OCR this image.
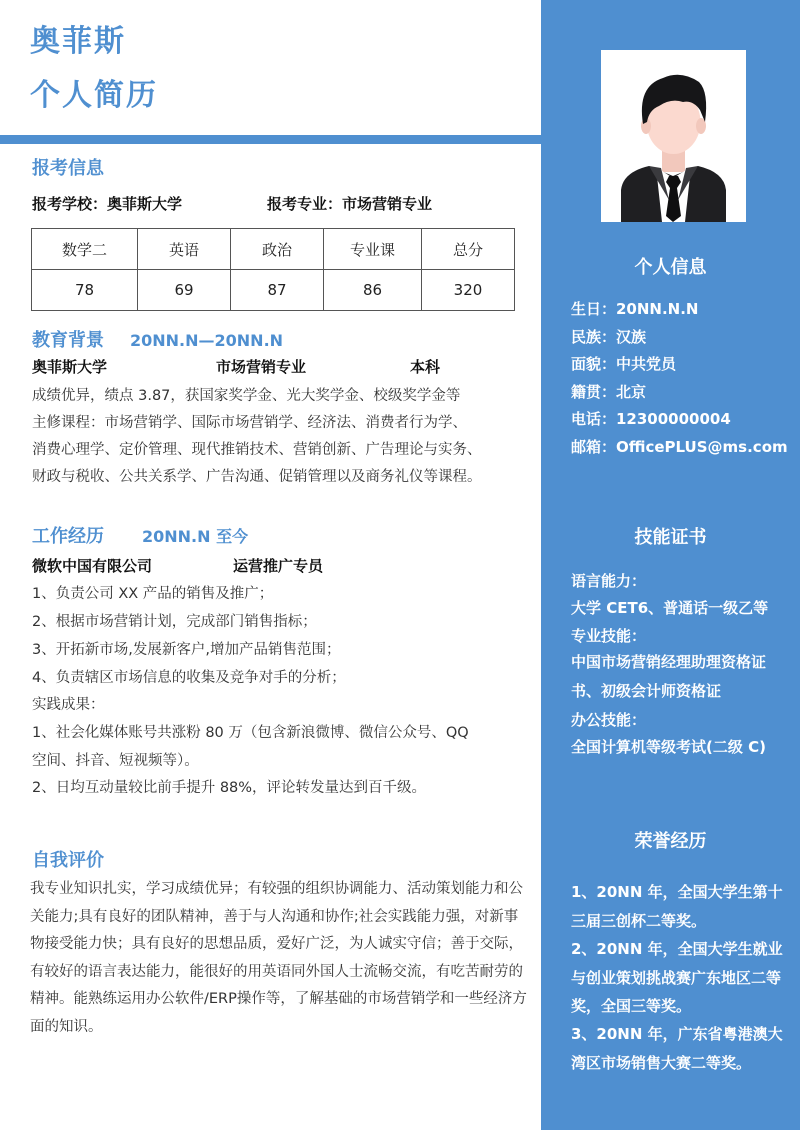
奥菲斯
个人简历
报考信息
报考学校：奥菲斯大学	报考专业：市场营销专业
数学二	英语	政治	专业课	总分
78	69	87	86	320
教育背景 20NN.N—20NN.N
奥菲斯大学	市场营销专业	本科
成绩优异，绩点 3.87，获国家奖学金、光大奖学金、校级奖学金等
主修课程：市场营销学、国际市场营销学、经济法、消费者行为学、
消费心理学、定价管理、现代推销技术、营销创新、广告理论与实务、
财政与税收、公共关系学、广告沟通、促销管理以及商务礼仪等课程。
工作经历 20NN.N 至今
微软中国有限公司	运营推广专员
1、负责公司 XX 产品的销售及推广；
2、根据市场营销计划，完成部门销售指标；
3、开拓新市场,发展新客户,增加产品销售范围；
4、负责辖区市场信息的收集及竞争对手的分析；
实践成果：
1、社会化媒体账号共涨粉 80 万（包含新浪微博、微信公众号、QQ
空间、抖音、短视频等）。
2、日均互动量较比前手提升 88%，评论转发量达到百千级。
自我评价
我专业知识扎实，学习成绩优异；有较强的组织协调能力、活动策划能力和公关能力;具有良好的团队精神，善于与人沟通和协作;社会实践能力强，对新事物接受能力快；具有良好的思想品质，爱好广泛，为人诚实守信；善于交际，有较好的语言表达能力，能很好的用英语同外国人士流畅交流，有吃苦耐劳的精神。能熟练运用办公软件/ERP操作等，了解基础的市场营销学和一些经济方面的知识。
个人信息
生日：20NN.N.N
民族：汉族
面貌：中共党员
籍贯：北京
电话：12300000004
邮箱：OfficePLUS@ms.com
技能证书
语言能力：
大学 CET6、普通话一级乙等
专业技能：
中国市场营销经理助理资格证书、初级会计师资格证
办公技能：
全国计算机等级考试(二级 C)
荣誉经历
1、20NN 年，全国大学生第十三届三创杯二等奖。
2、20NN 年，全国大学生就业与创业策划挑战赛广东地区二等奖，全国三等奖。
3、20NN 年，广东省粤港澳大湾区市场销售大赛二等奖。
